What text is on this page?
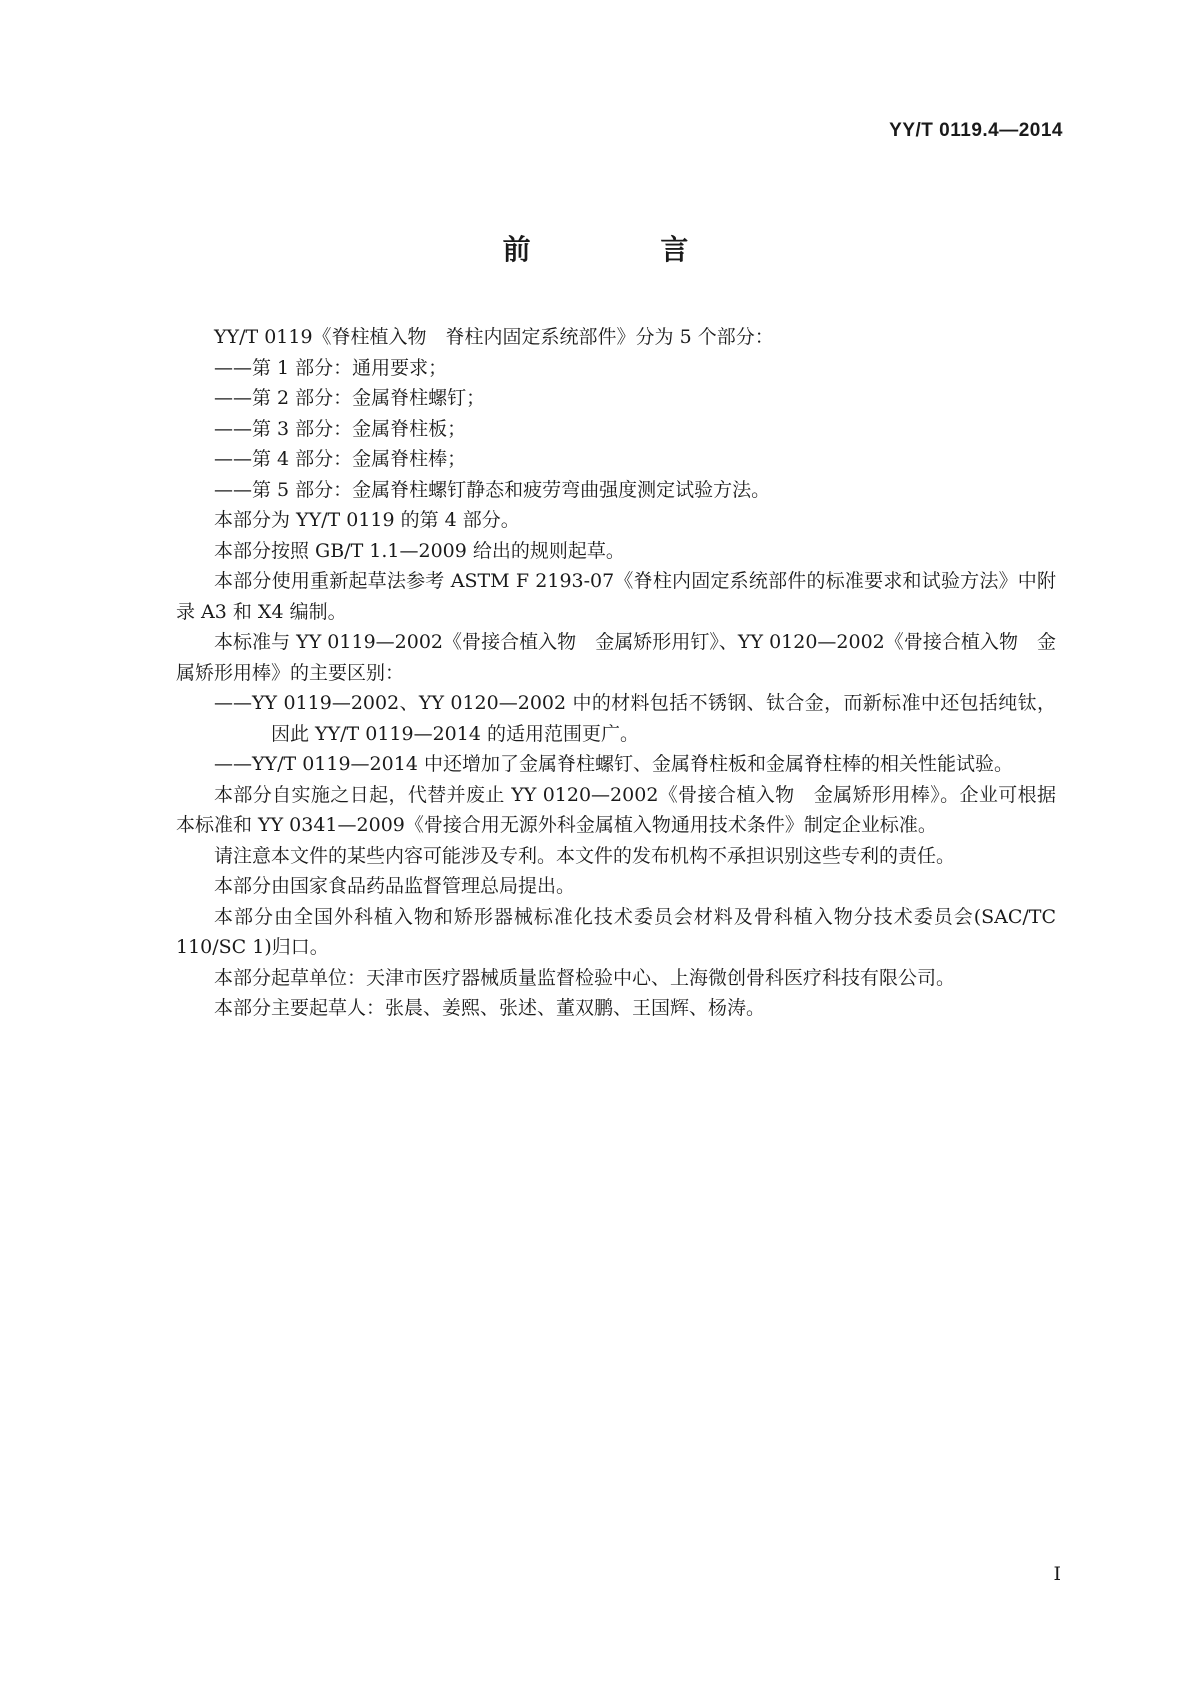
YY/T 0119.4—2014
前 言

YY/T 0119《脊柱植入物　脊柱内固定系统部件》分为 5 个部分：

——第 1 部分：通用要求；

——第 2 部分：金属脊柱螺钉；

——第 3 部分：金属脊柱板；

——第 4 部分：金属脊柱棒；

——第 5 部分：金属脊柱螺钉静态和疲劳弯曲强度测定试验方法。

本部分为 YY/T 0119 的第 4 部分。

本部分按照 GB/T 1.1—2009 给出的规则起草。

本部分使用重新起草法参考 ASTM F 2193-07《脊柱内固定系统部件的标准要求和试验方法》中附录 A3 和 X4 编制。

本标准与 YY 0119—2002《骨接合植入物　金属矫形用钉》、YY 0120—2002《骨接合植入物　金属矫形用棒》的主要区别：

——YY 0119—2002、YY 0120—2002 中的材料包括不锈钢、钛合金，而新标准中还包括纯钛，因此 YY/T 0119—2014 的适用范围更广。

——YY/T 0119—2014 中还增加了金属脊柱螺钉、金属脊柱板和金属脊柱棒的相关性能试验。

本部分自实施之日起，代替并废止 YY 0120—2002《骨接合植入物　金属矫形用棒》。企业可根据本标准和 YY 0341—2009《骨接合用无源外科金属植入物通用技术条件》制定企业标准。

请注意本文件的某些内容可能涉及专利。本文件的发布机构不承担识别这些专利的责任。

本部分由国家食品药品监督管理总局提出。

本部分由全国外科植入物和矫形器械标准化技术委员会材料及骨科植入物分技术委员会(SAC/TC 110/SC 1)归口。

本部分起草单位：天津市医疗器械质量监督检验中心、上海微创骨科医疗科技有限公司。

本部分主要起草人：张晨、姜熙、张述、董双鹏、王国辉、杨涛。

I
